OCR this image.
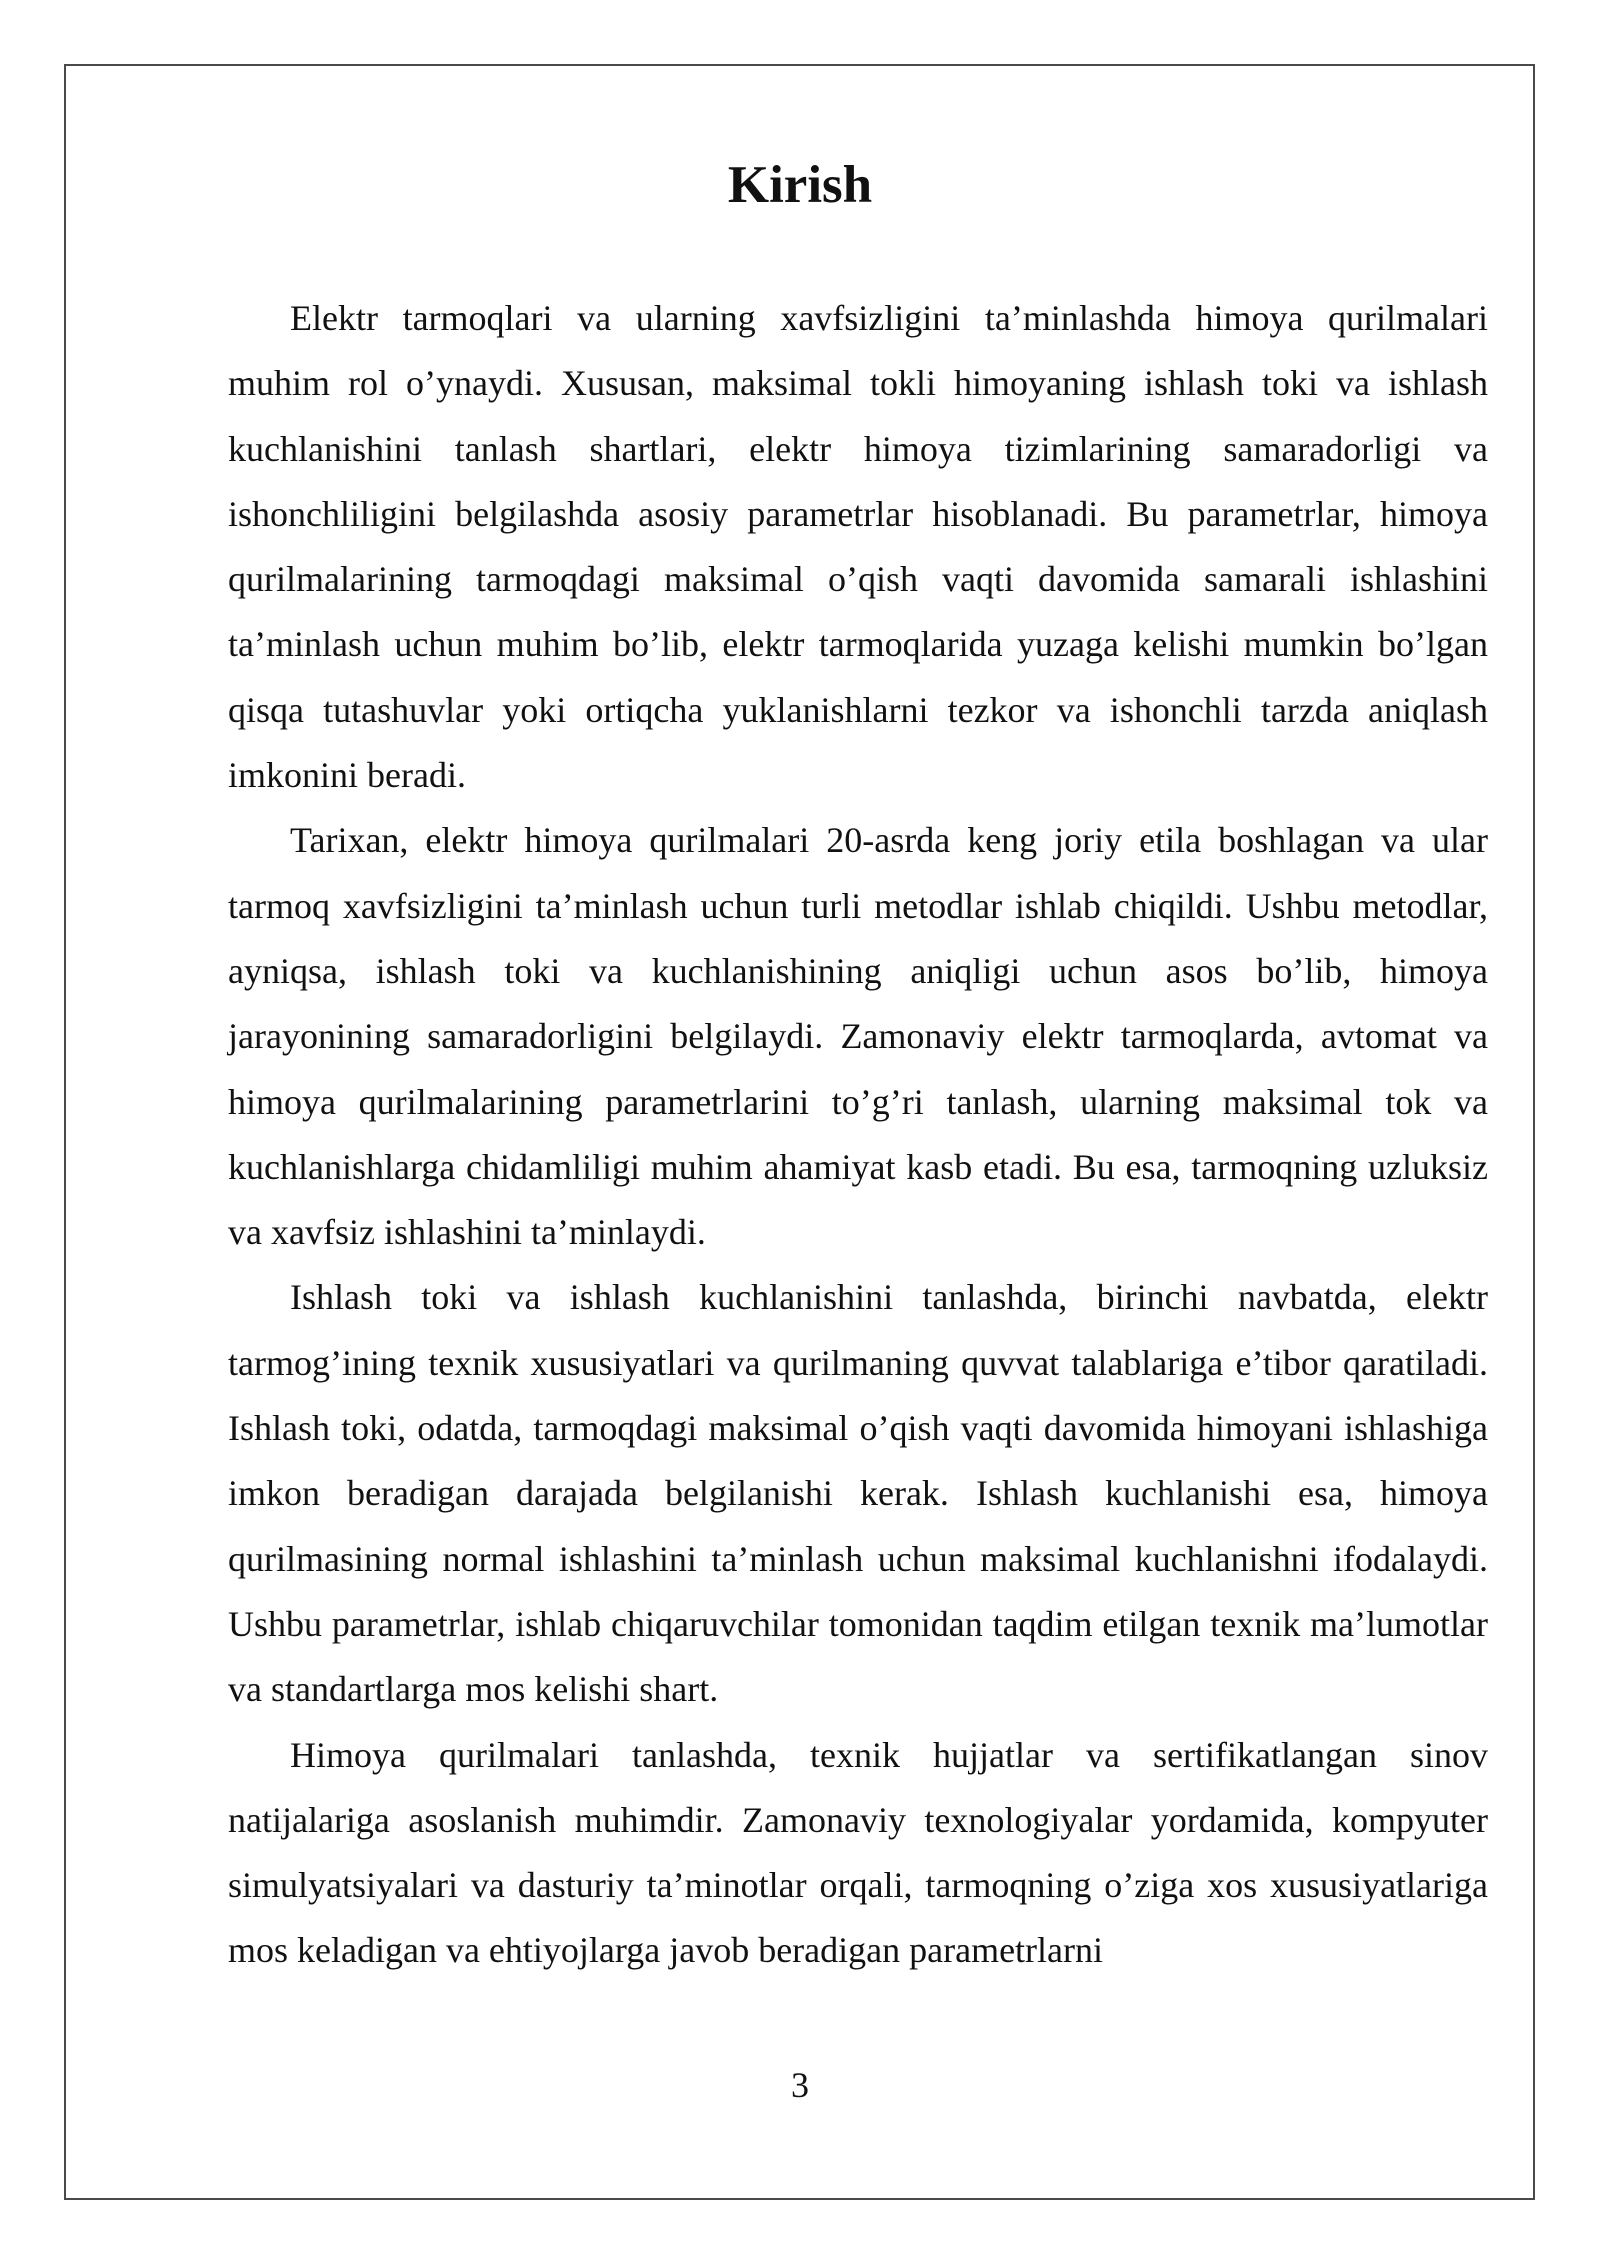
Kirish

Elektr tarmoqlari va ularning xavfsizligini ta’minlashda himoya qurilmalari muhim rol o’ynaydi. Xususan, maksimal tokli himoyaning ishlash toki va ishlash kuchlanishini tanlash shartlari, elektr himoya tizimlarining samaradorligi va ishonchliligini belgilashda asosiy parametrlar hisoblanadi. Bu parametrlar, himoya qurilmalarining tarmoqdagi maksimal o’qish vaqti davomida samarali ishlashini ta’minlash uchun muhim bo’lib, elektr tarmoqlarida yuzaga kelishi mumkin bo’lgan qisqa tutashuvlar yoki ortiqcha yuklanishlarni tezkor va ishonchli tarzda aniqlash imkonini beradi.

Tarixan, elektr himoya qurilmalari 20-asrda keng joriy etila boshlagan va ular tarmoq xavfsizligini ta’minlash uchun turli metodlar ishlab chiqildi. Ushbu metodlar, ayniqsa, ishlash toki va kuchlanishining aniqligi uchun asos bo’lib, himoya jarayonining samaradorligini belgilaydi. Zamonaviy elektr tarmoqlarda, avtomat va himoya qurilmalarining parametrlarini to’g’ri tanlash, ularning maksimal tok va kuchlanishlarga chidamliligi muhim ahamiyat kasb etadi. Bu esa, tarmoqning uzluksiz va xavfsiz ishlashini ta’minlaydi.

Ishlash toki va ishlash kuchlanishini tanlashda, birinchi navbatda, elektr tarmog’ining texnik xususiyatlari va qurilmaning quvvat talablariga e’tibor qaratiladi. Ishlash toki, odatda, tarmoqdagi maksimal o’qish vaqti davomida himoyani ishlashiga imkon beradigan darajada belgilanishi kerak. Ishlash kuchlanishi esa, himoya qurilmasining normal ishlashini ta’minlash uchun maksimal kuchlanishni ifodalaydi. Ushbu parametrlar, ishlab chiqaruvchilar tomonidan taqdim etilgan texnik ma’lumotlar va standartlarga mos kelishi shart.

Himoya qurilmalari tanlashda, texnik hujjatlar va sertifikatlangan sinov natijalariga asoslanish muhimdir. Zamonaviy texnologiyalar yordamida, kompyuter simulyatsiyalari va dasturiy ta’minotlar orqali, tarmoqning o’ziga xos xususiyatlariga mos keladigan va ehtiyojlarga javob beradigan parametrlarni

3
